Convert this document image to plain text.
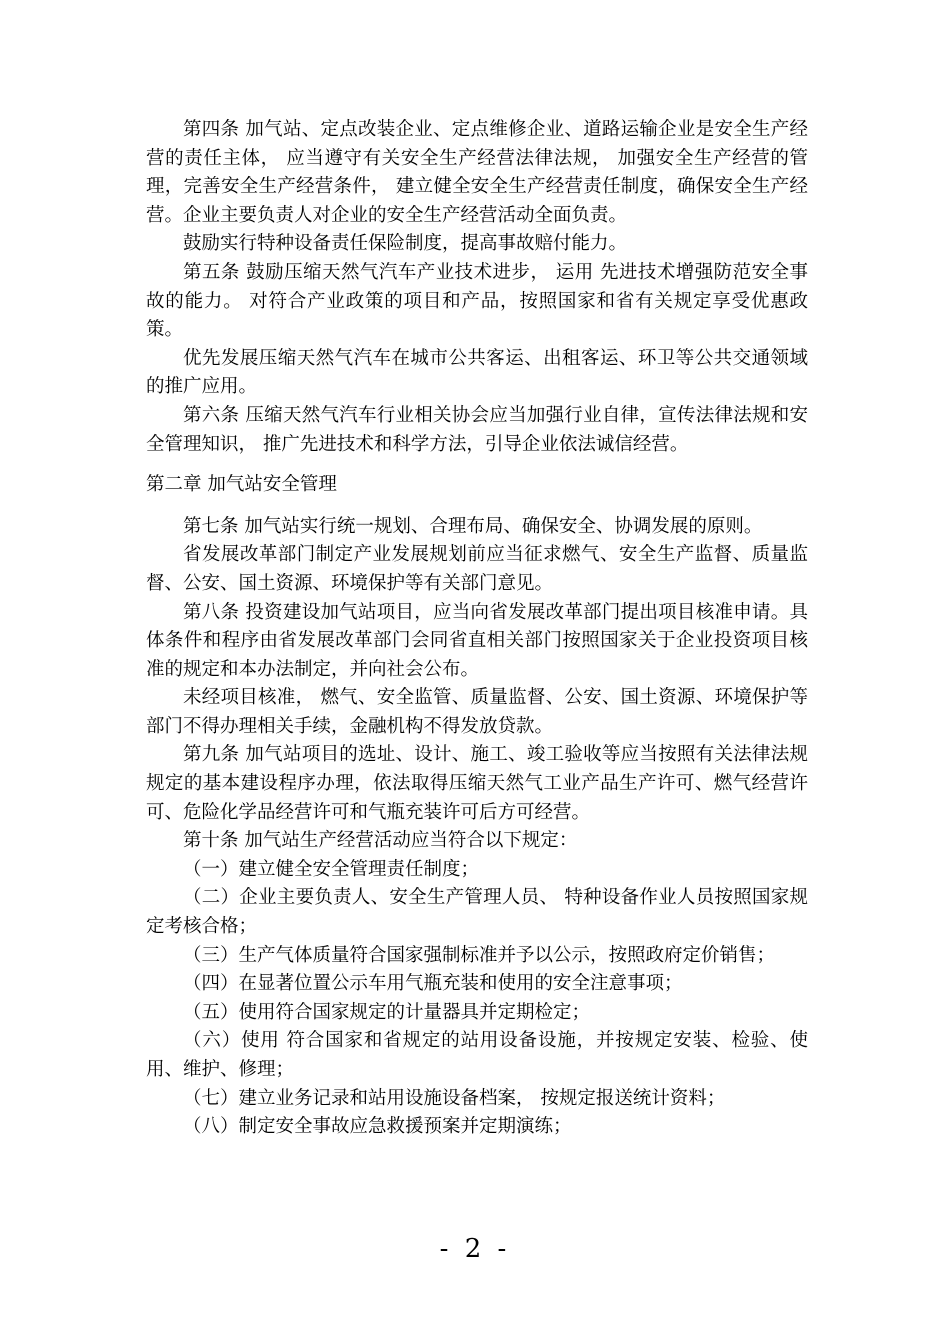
第四条 加气站、定点改装企业、定点维修企业、道路运输企业是安全生产经营的责任主体， 应当遵守有关安全生产经营法律法规， 加强安全生产经营的管理，完善安全生产经营条件， 建立健全安全生产经营责任制度，确保安全生产经营。企业主要负责人对企业的安全生产经营活动全面负责。

鼓励实行特种设备责任保险制度，提高事故赔付能力。

第五条 鼓励压缩天然气汽车产业技术进步， 运用 先进技术增强防范安全事故的能力。 对符合产业政策的项目和产品，按照国家和省有关规定享受优惠政策。

优先发展压缩天然气汽车在城市公共客运、出租客运、环卫等公共交通领域的推广应用。

第六条 压缩天然气汽车行业相关协会应当加强行业自律，宣传法律法规和安全管理知识， 推广先进技术和科学方法，引导企业依法诚信经营。

第二章 加气站安全管理

第七条 加气站实行统一规划、合理布局、确保安全、协调发展的原则。

省发展改革部门制定产业发展规划前应当征求燃气、安全生产监督、质量监督、公安、国土资源、环境保护等有关部门意见。

第八条 投资建设加气站项目，应当向省发展改革部门提出项目核准申请。具体条件和程序由省发展改革部门会同省直相关部门按照国家关于企业投资项目核准的规定和本办法制定，并向社会公布。

未经项目核准， 燃气、安全监管、质量监督、公安、国土资源、环境保护等部门不得办理相关手续，金融机构不得发放贷款。

第九条 加气站项目的选址、设计、施工、竣工验收等应当按照有关法律法规规定的基本建设程序办理，依法取得压缩天然气工业产品生产许可、燃气经营许可、危险化学品经营许可和气瓶充装许可后方可经营。

第十条 加气站生产经营活动应当符合以下规定：

（一）建立健全安全管理责任制度；

（二）企业主要负责人、安全生产管理人员、 特种设备作业人员按照国家规定考核合格；

（三）生产气体质量符合国家强制标准并予以公示，按照政府定价销售；

（四）在显著位置公示车用气瓶充装和使用的安全注意事项；

（五）使用符合国家规定的计量器具并定期检定；

（六）使用 符合国家和省规定的站用设备设施，并按规定安装、检验、使用、维护、修理；

（七）建立业务记录和站用设施设备档案， 按规定报送统计资料；

（八）制定安全事故应急救援预案并定期演练；

- 2 -
